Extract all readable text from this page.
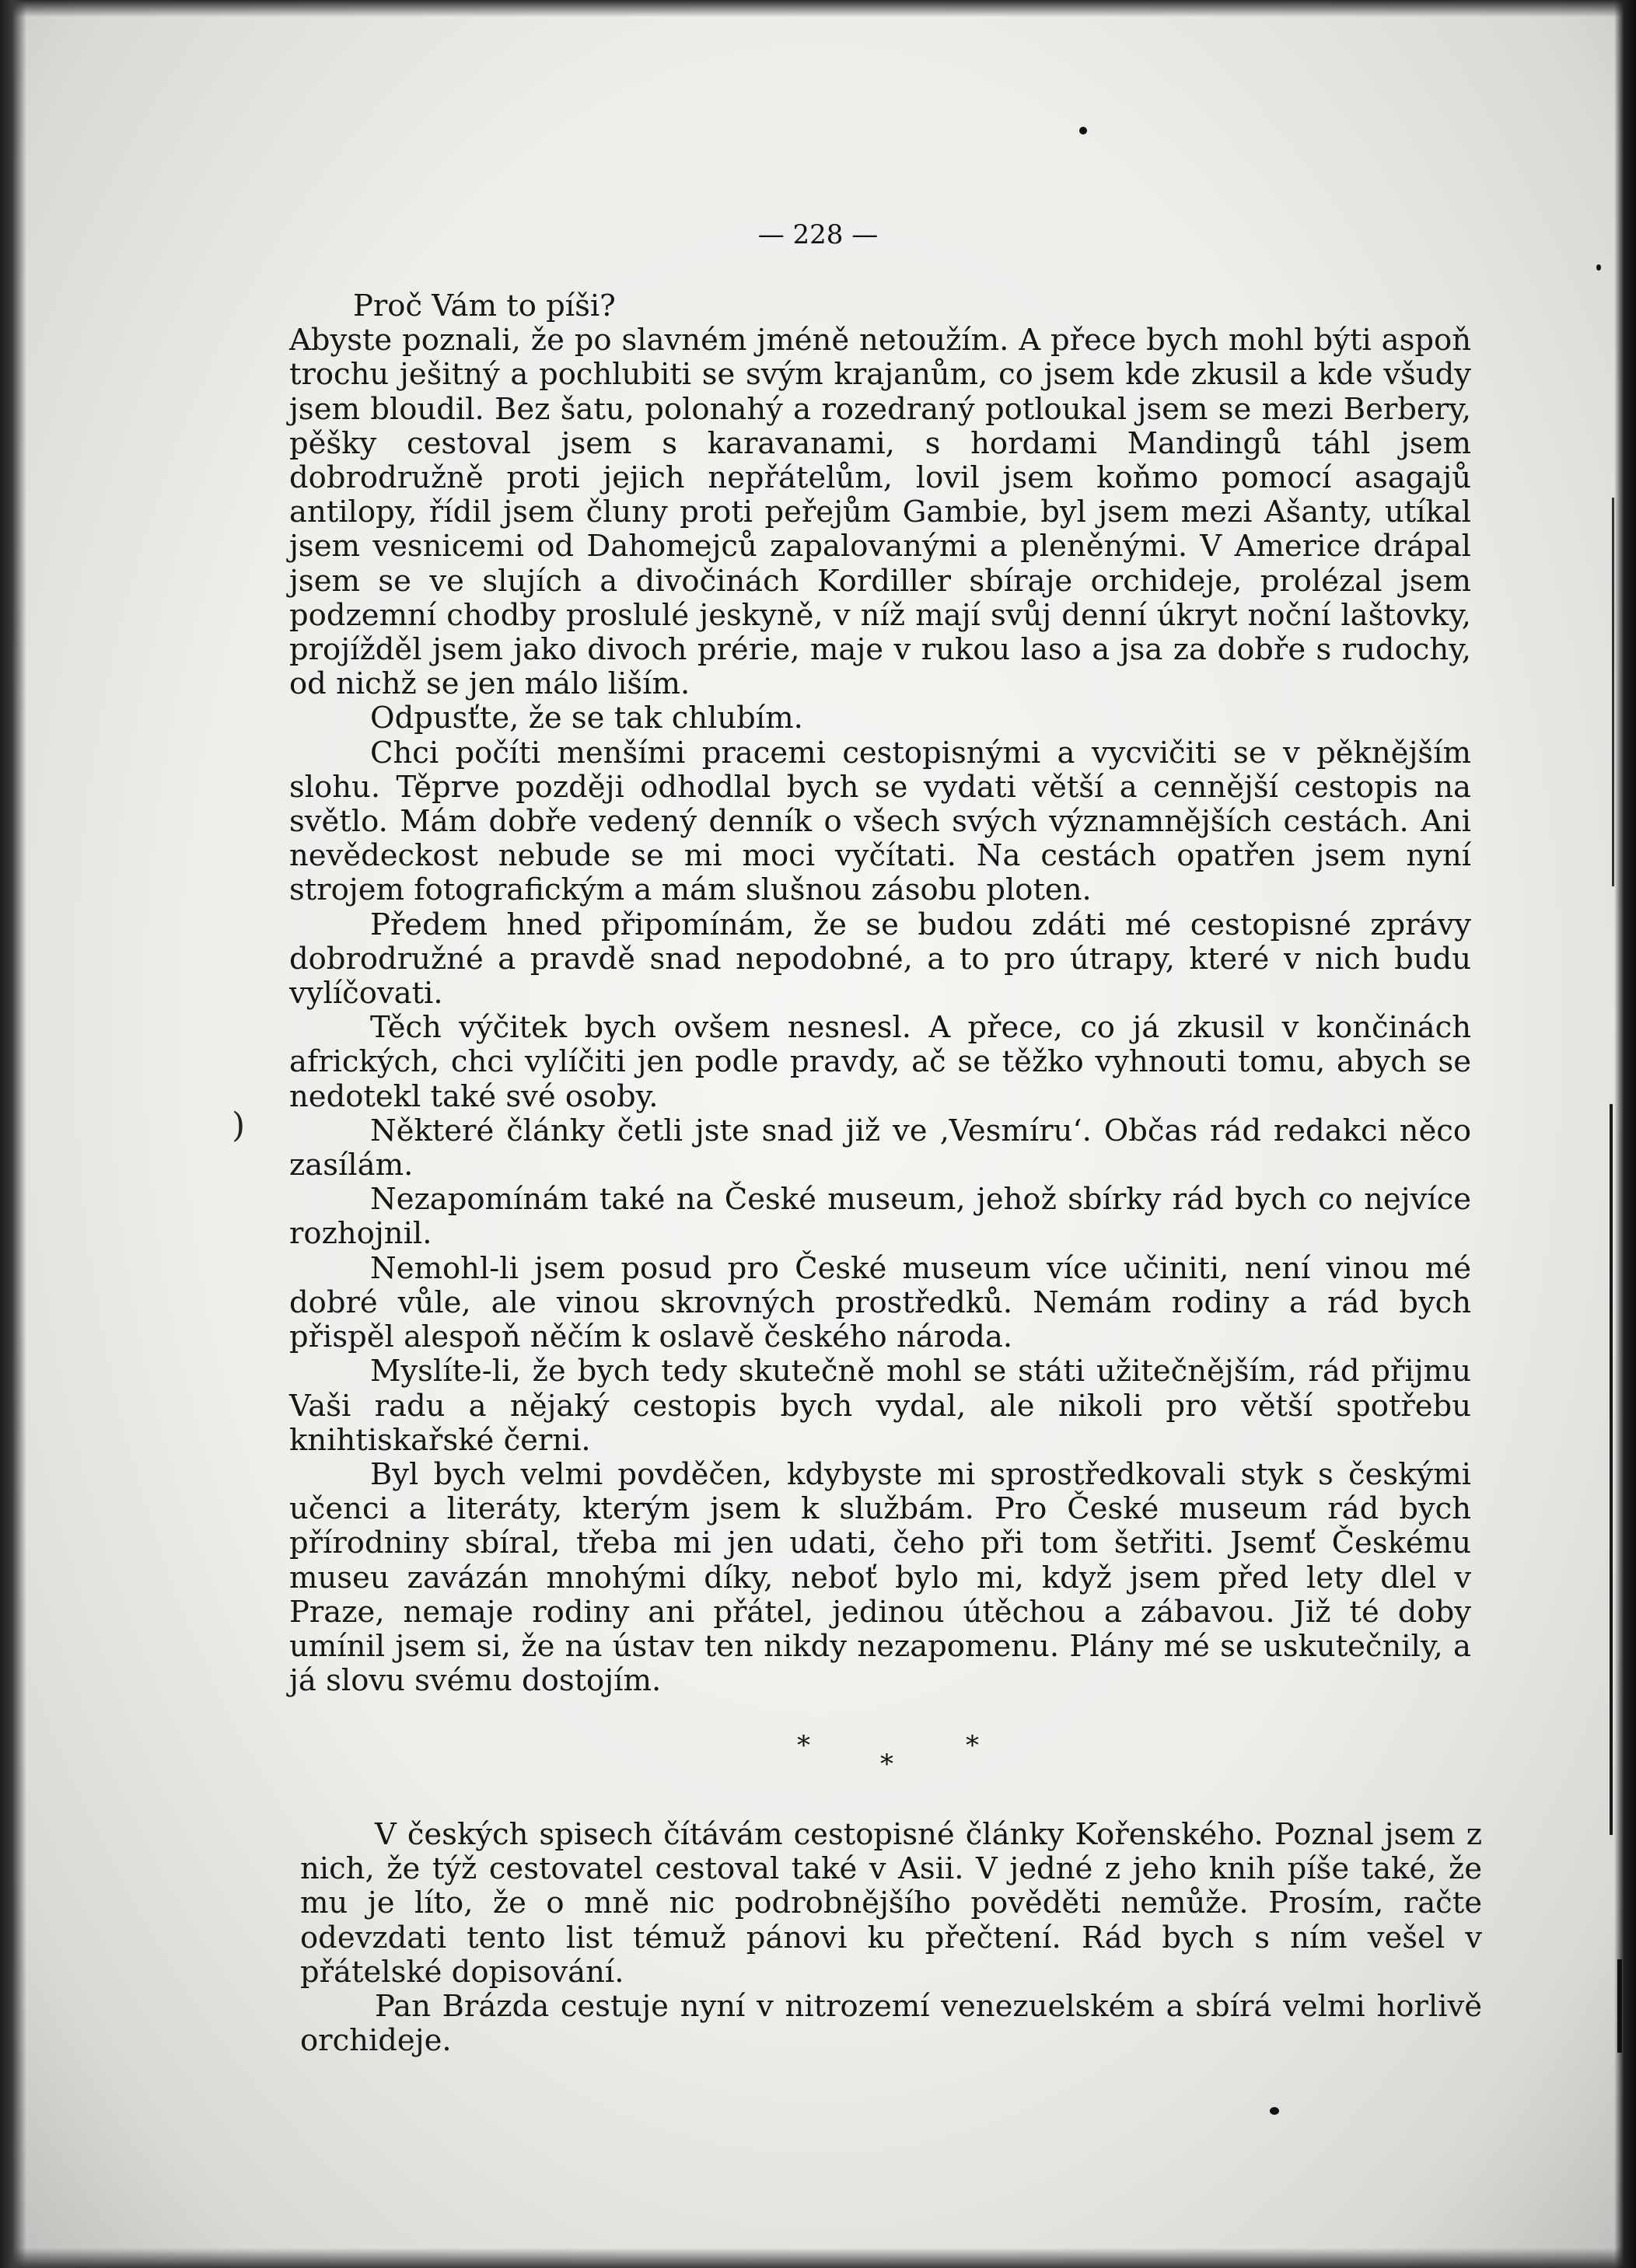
— 228 —

Proč Vám to píši?

Abyste poznali, že po slavném jméně netoužím. A přece bych mohl býti aspoň trochu ješitný a pochlubiti se svým krajanům, co jsem kde zkusil a kde všudy jsem bloudil. Bez šatu, polonahý a rozedraný potloukal jsem se mezi Berbery, pěšky cestoval jsem s karavanami, s hordami Mandingů táhl jsem dobrodružně proti jejich nepřátelům, lovil jsem koňmo pomocí asagajů antilopy, řídil jsem čluny proti peřejům Gambie, byl jsem mezi Ašanty, utíkal jsem vesnicemi od Dahomejců zapalovanými a pleněnými. V Americe drápal jsem se ve slujích a divočinách Kordiller sbíraje orchideje, prolézal jsem podzemní chodby proslulé jeskyně, v níž mají svůj denní úkryt noční laštovky, projížděl jsem jako divoch prérie, maje v rukou laso a jsa za dobře s rudochy, od nichž se jen málo liším.

Odpusťte, že se tak chlubím.

Chci počíti menšími pracemi cestopisnými a vycvičiti se v pěknějším slohu. Těprve později odhodlal bych se vydati větší a cennější cestopis na světlo. Mám dobře vedený denník o všech svých významnějších cestách. Ani nevědeckost nebude se mi moci vyčítati. Na cestách opatřen jsem nyní strojem fotografickým a mám slušnou zásobu ploten.

Předem hned připomínám, že se budou zdáti mé cestopisné zprávy dobrodružné a pravdě snad nepodobné, a to pro útrapy, které v nich budu vylíčovati.

Těch výčitek bych ovšem nesnesl. A přece, co já zkusil v končinách afrických, chci vylíčiti jen podle pravdy, ač se těžko vyhnouti tomu, abych se nedotekl také své osoby.

Některé články četli jste snad již ve ‚Vesmíru‘. Občas rád redakci něco zasílám.

Nezapomínám také na České museum, jehož sbírky rád bych co nejvíce rozhojnil.

Nemohl-li jsem posud pro České museum více učiniti, není vinou mé dobré vůle, ale vinou skrovných prostředků. Nemám rodiny a rád bych přispěl alespoň něčím k oslavě českého národa.

Myslíte-li, že bych tedy skutečně mohl se státi užitečnějším, rád přijmu Vaši radu a nějaký cestopis bych vydal, ale nikoli pro větší spotřebu knihtiskařské černi.

Byl bych velmi povděčen, kdybyste mi sprostředkovali styk s českými učenci a literáty, kterým jsem k službám. Pro České museum rád bych přírodniny sbíral, třeba mi jen udati, čeho při tom šetřiti. Jsemť Českému museu zavázán mnohými díky, neboť bylo mi, když jsem před lety dlel v Praze, nemaje rodiny ani přátel, jedinou útěchou a zábavou. Již té doby umínil jsem si, že na ústav ten nikdy nezapomenu. Plány mé se uskutečnily, a já slovu svému dostojím.

*
*
*

V českých spisech čítávám cestopisné články Kořenského. Poznal jsem z nich, že týž cestovatel cestoval také v Asii. V jedné z jeho knih píše také, že mu je líto, že o mně nic podrobnějšího pověděti nemůže. Prosím, račte odevzdati tento list témuž pánovi ku přečtení. Rád bych s ním vešel v přátelské dopisování.

Pan Brázda cestuje nyní v nitrozemí venezuelském a sbírá velmi horlivě orchideje.

)
